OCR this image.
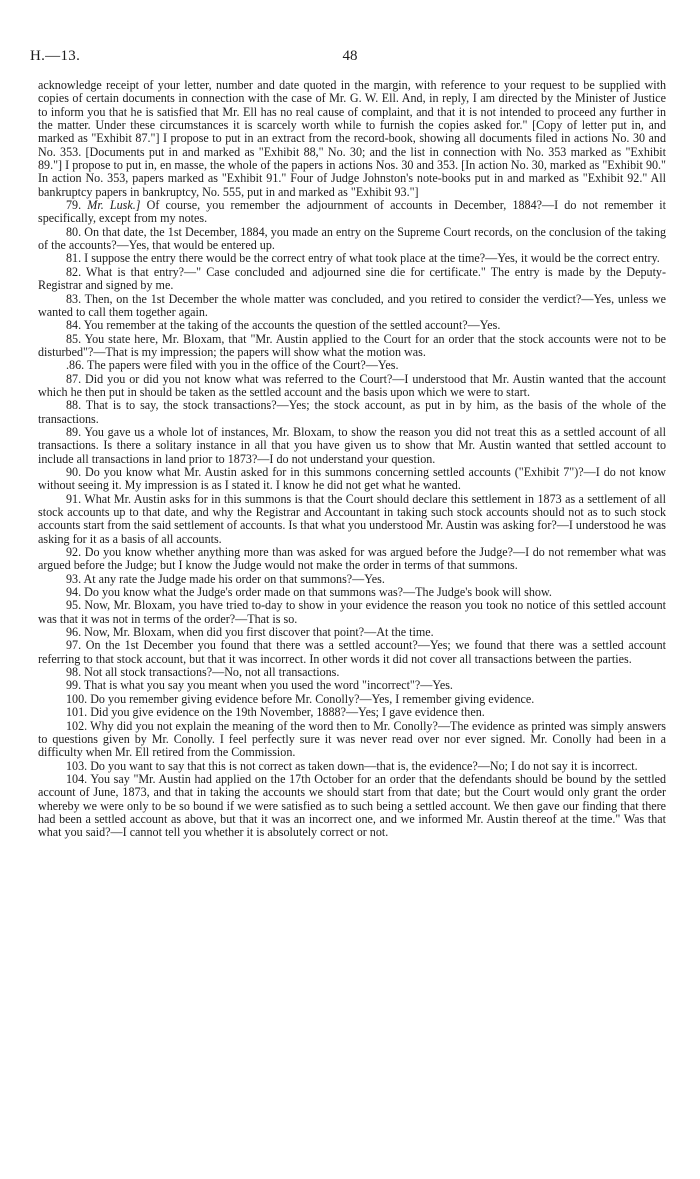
H.—13.	48

acknowledge receipt of your letter, number and date quoted in the margin, with reference to your request to be supplied with copies of certain documents in connection with the case of Mr. G. W. Ell. And, in reply, I am directed by the Minister of Justice to inform you that he is satisfied that Mr. Ell has no real cause of complaint, and that it is not intended to proceed any further in the matter. Under these circumstances it is scarcely worth while to furnish the copies asked for." [Copy of letter put in, and marked as "Exhibit 87."] I propose to put in an extract from the record-book, showing all documents filed in actions No. 30 and No. 353. [Documents put in and marked as "Exhibit 88," No. 30; and the list in connection with No. 353 marked as "Exhibit 89."] I propose to put in, en masse, the whole of the papers in actions Nos. 30 and 353. [In action No. 30, marked as "Exhibit 90." In action No. 353, papers marked as "Exhibit 91." Four of Judge Johnston's note-books put in and marked as "Exhibit 92." All bankruptcy papers in bankruptcy, No. 555, put in and marked as "Exhibit 93."]

79. Mr. Lusk.] Of course, you remember the adjournment of accounts in December, 1884?—I do not remember it specifically, except from my notes.

80. On that date, the 1st December, 1884, you made an entry on the Supreme Court records, on the conclusion of the taking of the accounts?—Yes, that would be entered up.

81. I suppose the entry there would be the correct entry of what took place at the time?—Yes, it would be the correct entry.

82. What is that entry?—" Case concluded and adjourned sine die for certificate." The entry is made by the Deputy-Registrar and signed by me.

83. Then, on the 1st December the whole matter was concluded, and you retired to consider the verdict?—Yes, unless we wanted to call them together again.

84. You remember at the taking of the accounts the question of the settled account?—Yes.

85. You state here, Mr. Bloxam, that "Mr. Austin applied to the Court for an order that the stock accounts were not to be disturbed"?—That is my impression; the papers will show what the motion was.

.86. The papers were filed with you in the office of the Court?—Yes.

87. Did you or did you not know what was referred to the Court?—I understood that Mr. Austin wanted that the account which he then put in should be taken as the settled account and the basis upon which we were to start.

88. That is to say, the stock transactions?—Yes; the stock account, as put in by him, as the basis of the whole of the transactions.

89. You gave us a whole lot of instances, Mr. Bloxam, to show the reason you did not treat this as a settled account of all transactions. Is there a solitary instance in all that you have given us to show that Mr. Austin wanted that settled account to include all transactions in land prior to 1873?—I do not understand your question.

90. Do you know what Mr. Austin asked for in this summons concerning settled accounts ("Exhibit 7")?—I do not know without seeing it. My impression is as I stated it. I know he did not get what he wanted.

91. What Mr. Austin asks for in this summons is that the Court should declare this settlement in 1873 as a settlement of all stock accounts up to that date, and why the Registrar and Accountant in taking such stock accounts should not as to such stock accounts start from the said settlement of accounts. Is that what you understood Mr. Austin was asking for?—I understood he was asking for it as a basis of all accounts.

92. Do you know whether anything more than was asked for was argued before the Judge?—I do not remember what was argued before the Judge; but I know the Judge would not make the order in terms of that summons.

93. At any rate the Judge made his order on that summons?—Yes.

94. Do you know what the Judge's order made on that summons was?—The Judge's book will show.

95. Now, Mr. Bloxam, you have tried to-day to show in your evidence the reason you took no notice of this settled account was that it was not in terms of the order?—That is so.

96. Now, Mr. Bloxam, when did you first discover that point?—At the time.

97. On the 1st December you found that there was a settled account?—Yes; we found that there was a settled account referring to that stock account, but that it was incorrect. In other words it did not cover all transactions between the parties.

98. Not all stock transactions?—No, not all transactions.

99. That is what you say you meant when you used the word "incorrect"?—Yes.

100. Do you remember giving evidence before Mr. Conolly?—Yes, I remember giving evidence.

101. Did you give evidence on the 19th November, 1888?—Yes; I gave evidence then.

102. Why did you not explain the meaning of the word then to Mr. Conolly?—The evidence as printed was simply answers to questions given by Mr. Conolly. I feel perfectly sure it was never read over nor ever signed. Mr. Conolly had been in a difficulty when Mr. Ell retired from the Commission.

103. Do you want to say that this is not correct as taken down—that is, the evidence?—No; I do not say it is incorrect.

104. You say "Mr. Austin had applied on the 17th October for an order that the defendants should be bound by the settled account of June, 1873, and that in taking the accounts we should start from that date; but the Court would only grant the order whereby we were only to be so bound if we were satisfied as to such being a settled account. We then gave our finding that there had been a settled account as above, but that it was an incorrect one, and we informed Mr. Austin thereof at the time." Was that what you said?—I cannot tell you whether it is absolutely correct or not.
